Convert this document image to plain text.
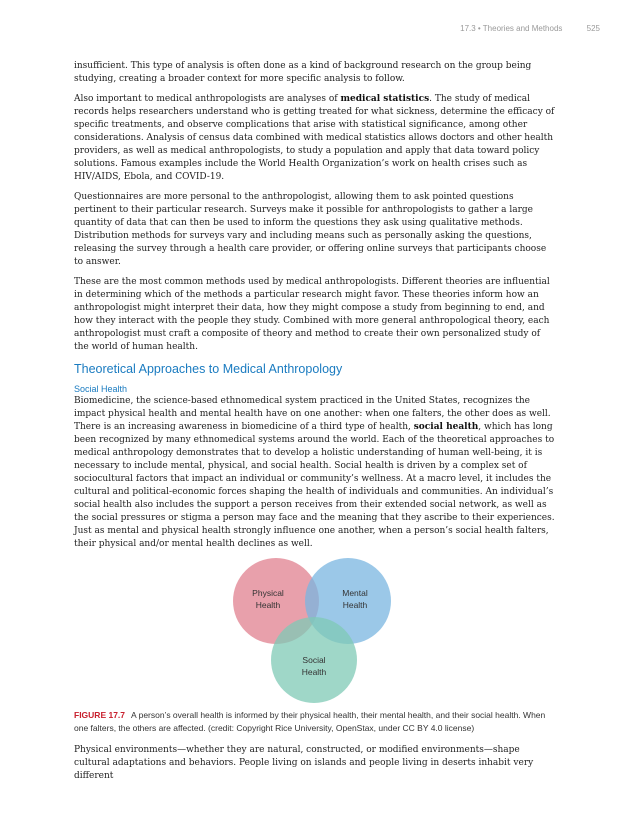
17.3 • Theories and Methods	525

insufficient. This type of analysis is often done as a kind of background research on the group being studying, creating a broader context for more specific analysis to follow.

Also important to medical anthropologists are analyses of medical statistics. The study of medical records helps researchers understand who is getting treated for what sickness, determine the efficacy of specific treatments, and observe complications that arise with statistical significance, among other considerations. Analysis of census data combined with medical statistics allows doctors and other health providers, as well as medical anthropologists, to study a population and apply that data toward policy solutions. Famous examples include the World Health Organization’s work on health crises such as HIV/AIDS, Ebola, and COVID-19.

Questionnaires are more personal to the anthropologist, allowing them to ask pointed questions pertinent to their particular research. Surveys make it possible for anthropologists to gather a large quantity of data that can then be used to inform the questions they ask using qualitative methods. Distribution methods for surveys vary and including means such as personally asking the questions, releasing the survey through a health care provider, or offering online surveys that participants choose to answer.

These are the most common methods used by medical anthropologists. Different theories are influential in determining which of the methods a particular research might favor. These theories inform how an anthropologist might interpret their data, how they might compose a study from beginning to end, and how they interact with the people they study. Combined with more general anthropological theory, each anthropologist must craft a composite of theory and method to create their own personalized study of the world of human health.

Theoretical Approaches to Medical Anthropology
Social Health

Biomedicine, the science-based ethnomedical system practiced in the United States, recognizes the impact physical health and mental health have on one another: when one falters, the other does as well. There is an increasing awareness in biomedicine of a third type of health, social health, which has long been recognized by many ethnomedical systems around the world. Each of the theoretical approaches to medical anthropology demonstrates that to develop a holistic understanding of human well-being, it is necessary to include mental, physical, and social health. Social health is driven by a complex set of sociocultural factors that impact an individual or community’s wellness. At a macro level, it includes the cultural and political-economic forces shaping the health of individuals and communities. An individual’s social health also includes the support a person receives from their extended social network, as well as the social pressures or stigma a person may face and the meaning that they ascribe to their experiences. Just as mental and physical health strongly influence one another, when a person’s social health falters, their physical and/or mental health declines as well.

Physical
Health
Mental
Health
Social
Health

FIGURE 17.7 A person’s overall health is informed by their physical health, their mental health, and their social health. When one falters, the others are affected. (credit: Copyright Rice University, OpenStax, under CC BY 4.0 license)

Physical environments—whether they are natural, constructed, or modified environments—shape cultural adaptations and behaviors. People living on islands and people living in deserts inhabit very different
